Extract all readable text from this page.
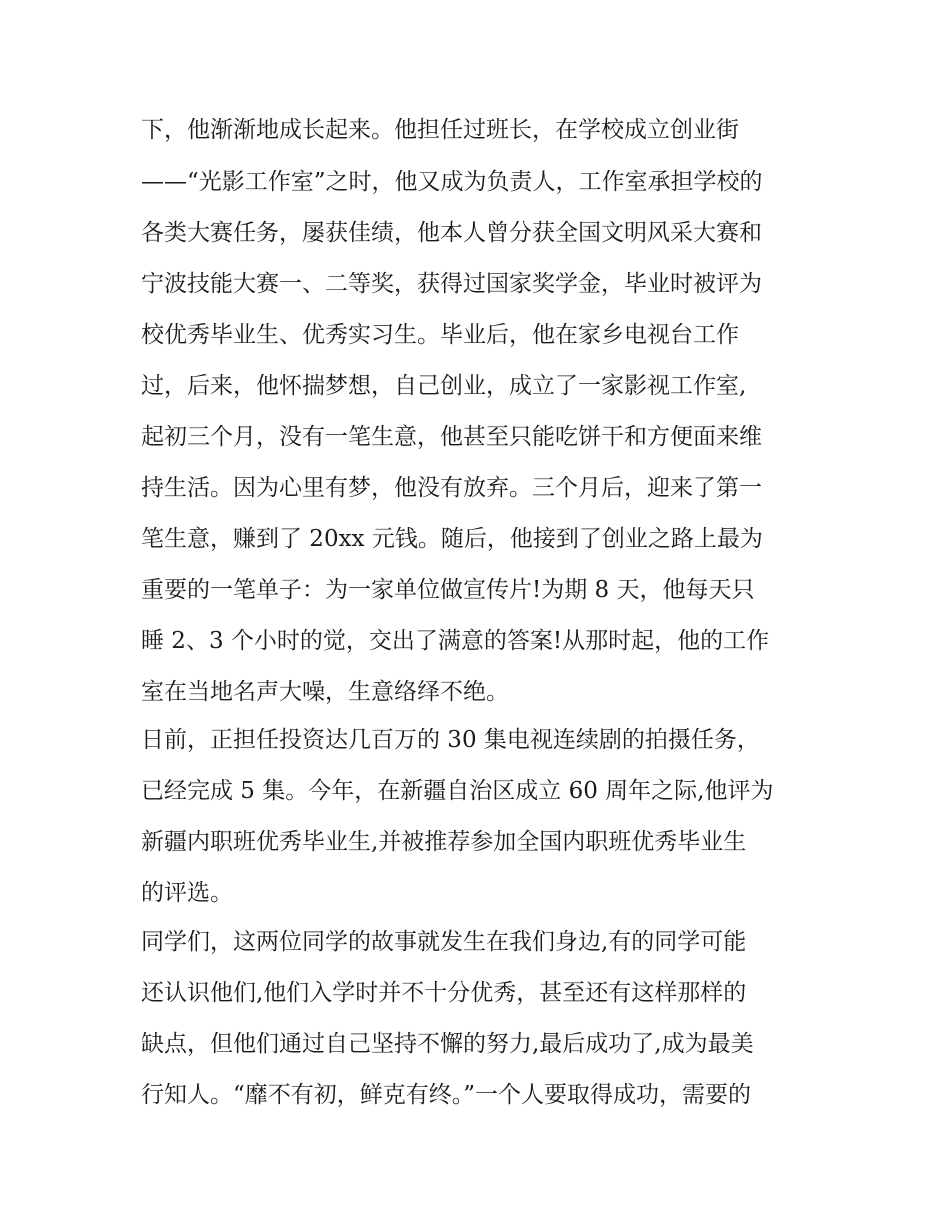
下，他渐渐地成长起来。他担任过班长，在学校成立创业街
——“光影工作室”之时，他又成为负责人，工作室承担学校的
各类大赛任务，屡获佳绩，他本人曾分获全国文明风采大赛和
宁波技能大赛一、二等奖，获得过国家奖学金，毕业时被评为
校优秀毕业生、优秀实习生。毕业后，他在家乡电视台工作
过，后来，他怀揣梦想，自己创业，成立了一家影视工作室,
起初三个月，没有一笔生意，他甚至只能吃饼干和方便面来维
持生活。因为心里有梦，他没有放弃。三个月后，迎来了第一
笔生意，赚到了 20xx 元钱。随后，他接到了创业之路上最为
重要的一笔单子：为一家单位做宣传片!为期 8 天，他每天只
睡 2、3 个小时的觉，交出了满意的答案!从那时起，他的工作
室在当地名声大噪，生意络绎不绝。
日前，正担任投资达几百万的 30 集电视连续剧的拍摄任务，
已经完成 5 集。今年，在新疆自治区成立 60 周年之际,他评为
新疆内职班优秀毕业生,并被推荐参加全国内职班优秀毕业生
的评选。
同学们，这两位同学的故事就发生在我们身边,有的同学可能
还认识他们,他们入学时并不十分优秀，甚至还有这样那样的
缺点，但他们通过自己坚持不懈的努力,最后成功了,成为最美
行知人。“靡不有初，鲜克有终。”一个人要取得成功，需要的
